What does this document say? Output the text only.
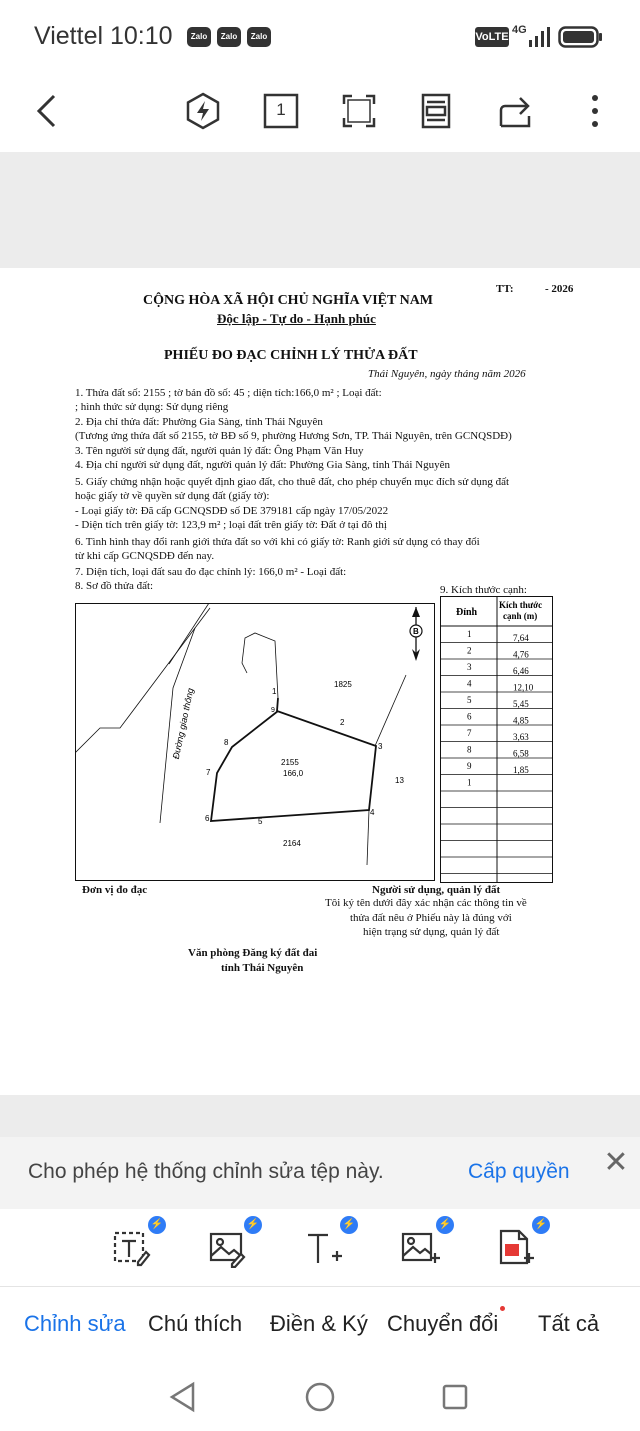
Viettel 10:10	Zalo	Zalo	Zalo	VoLTE
4G
1
TT:	- 2026
CỘNG HÒA XÃ HỘI CHỦ NGHĨA VIỆT NAM
Độc lập - Tự do - Hạnh phúc
PHIẾU ĐO ĐẠC CHỈNH LÝ THỬA ĐẤT
Thái Nguyên, ngày tháng năm 2026
1. Thửa đất số: 2155 ; tờ bản đồ số: 45 ; diện tích:166,0 m² ; Loại đất:
; hình thức sử dụng: Sử dụng riêng
2. Địa chỉ thửa đất: Phường Gia Sàng, tỉnh Thái Nguyên
(Tương ứng thửa đất số 2155, tờ BĐ số 9, phường Hương Sơn, TP. Thái Nguyên, trên GCNQSDĐ)
3. Tên người sử dụng đất, người quản lý đất: Ông Phạm Văn Huy
4. Địa chỉ người sử dụng đất, người quản lý đất: Phường Gia Sàng, tỉnh Thái Nguyên
5. Giấy chứng nhận hoặc quyết định giao đất, cho thuê đất, cho phép chuyển mục đích sử dụng đất
hoặc giấy tờ về quyền sử dụng đất (giấy tờ):
- Loại giấy tờ: Đã cấp GCNQSDĐ số DE 379181 cấp ngày 17/05/2022
- Diện tích trên giấy tờ: 123,9 m² ; loại đất trên giấy tờ: Đất ở tại đô thị
6. Tình hình thay đổi ranh giới thửa đất so với khi có giấy tờ: Ranh giới sử dụng có thay đổi
từ khi cấp GCNQSDĐ đến nay.
7. Diện tích, loại đất sau đo đạc chỉnh lý: 166,0 m² - Loại đất:
8. Sơ đồ thửa đất:	9. Kích thước cạnh:
Đường giao thông
2155
166,0
1825
13
2164
1
2
3
4
5
6
7
8
9
B
Đỉnh
Kích thước
cạnh (m)
1	7,64
2	4,76
3	6,46
4	12,10
5	5,45
6	4,85
7	3,63
8	6,58
9	1,85
1
Đơn vị đo đạc	Người sử dụng, quản lý đất
Tôi ký tên dưới đây xác nhận các thông tin về
thửa đất nêu ở Phiếu này là đúng với
hiện trạng sử dụng, quản lý đất
Văn phòng Đăng ký đất đai
tỉnh Thái Nguyên
Cho phép hệ thống chỉnh sửa tệp này.	Cấp quyền ✕
⚡	⚡	⚡	⚡	⚡
Chỉnh sửa Chú thích Điền & Ký Chuyển đổi Tất cả
